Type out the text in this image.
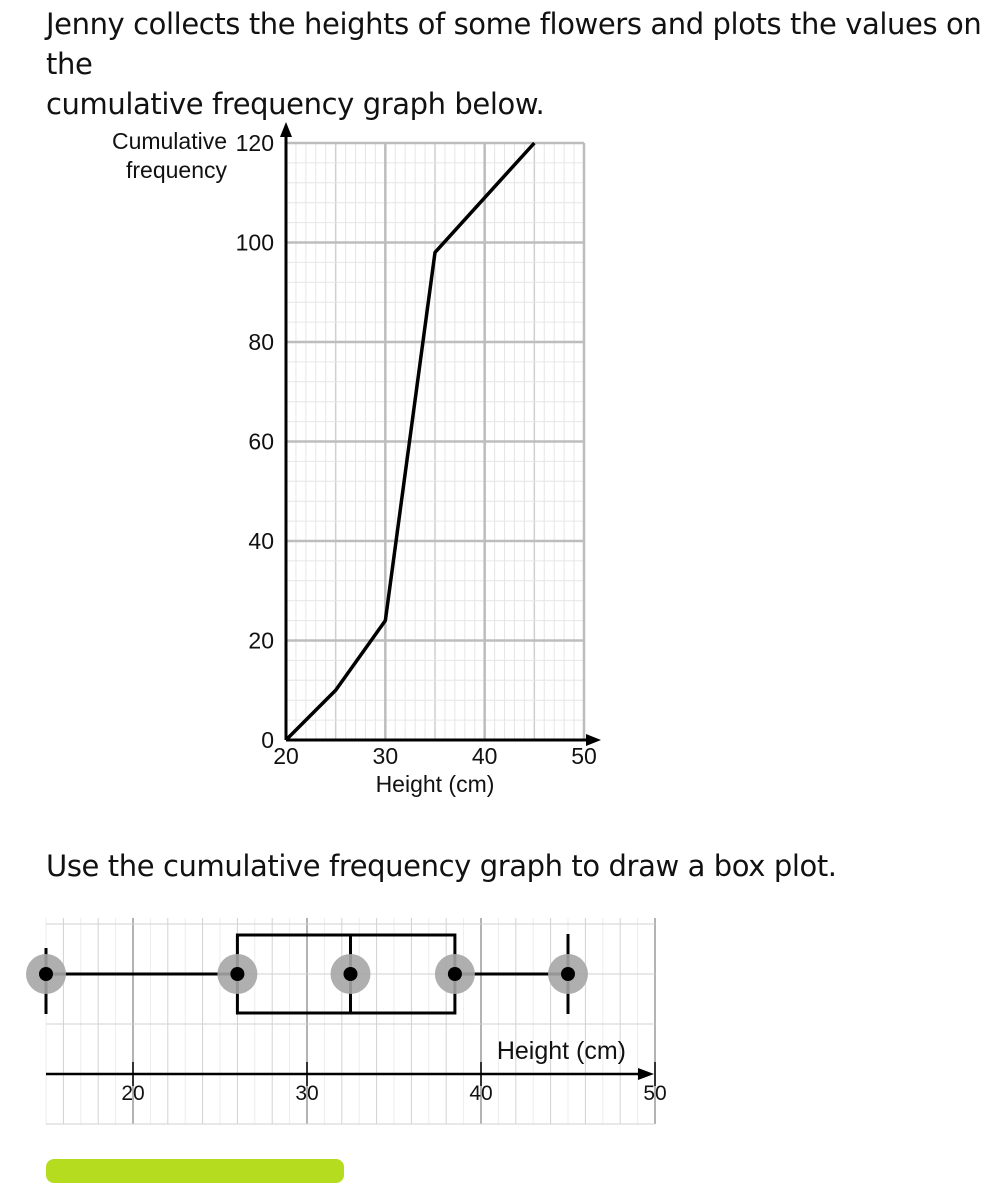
Jenny collects the heights of some flowers and plots the values on the
cumulative frequency graph below.

0
20
40
60
80
100
120
20	30	40	50
Cumulative
frequency
Height (cm)

Use the cumulative frequency graph to draw a box plot.

20	30	40	50
Height (cm)
